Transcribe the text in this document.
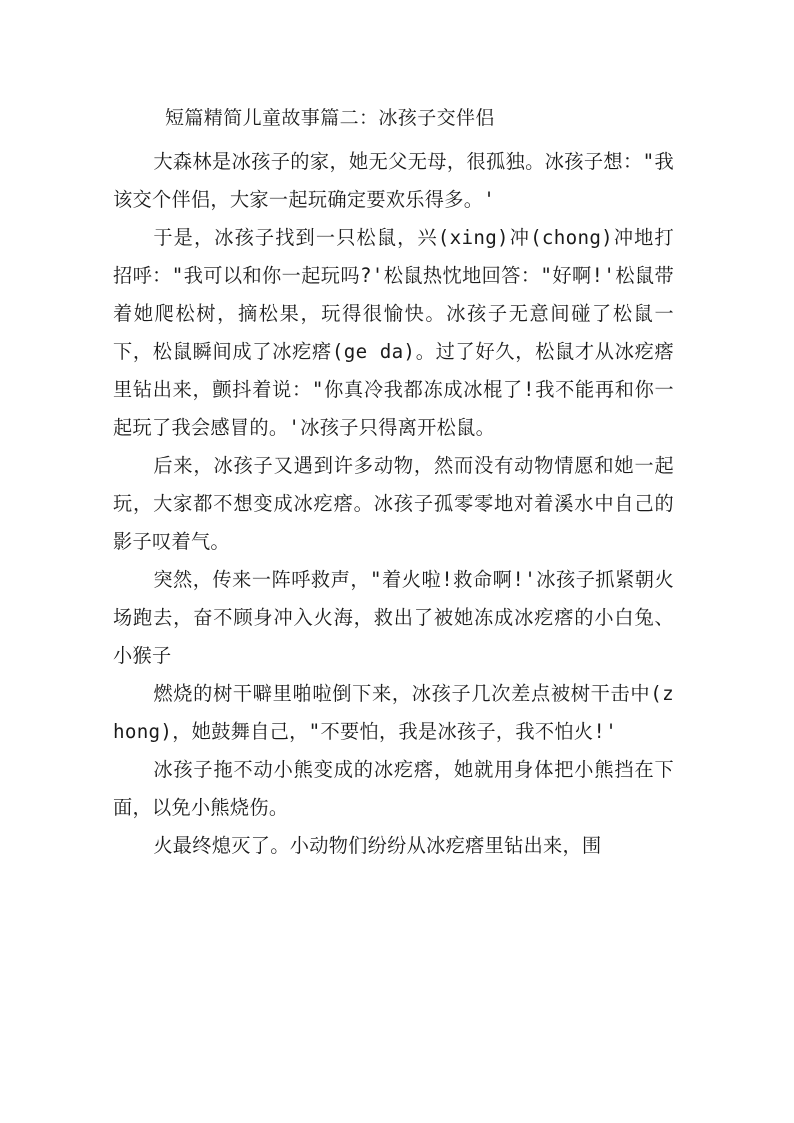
短篇精简儿童故事篇二：冰孩子交伴侣

大森林是冰孩子的家，她无父无母，很孤独。冰孩子想："我该交个伴侣，大家一起玩确定要欢乐得多。'

于是，冰孩子找到一只松鼠，兴(xing)冲(chong)冲地打招呼："我可以和你一起玩吗?'松鼠热忱地回答："好啊!'松鼠带着她爬松树，摘松果，玩得很愉快。冰孩子无意间碰了松鼠一下，松鼠瞬间成了冰疙瘩(ge da)。过了好久，松鼠才从冰疙瘩里钻出来，颤抖着说："你真冷我都冻成冰棍了!我不能再和你一起玩了我会感冒的。'冰孩子只得离开松鼠。

后来，冰孩子又遇到许多动物，然而没有动物情愿和她一起玩，大家都不想变成冰疙瘩。冰孩子孤零零地对着溪水中自己的影子叹着气。

突然，传来一阵呼救声，"着火啦!救命啊!'冰孩子抓紧朝火场跑去，奋不顾身冲入火海，救出了被她冻成冰疙瘩的小白兔、小猴子

燃烧的树干噼里啪啦倒下来，冰孩子几次差点被树干击中(zhong)，她鼓舞自己，"不要怕，我是冰孩子，我不怕火!'

冰孩子拖不动小熊变成的冰疙瘩，她就用身体把小熊挡在下面，以免小熊烧伤。

火最终熄灭了。小动物们纷纷从冰疙瘩里钻出来，围
